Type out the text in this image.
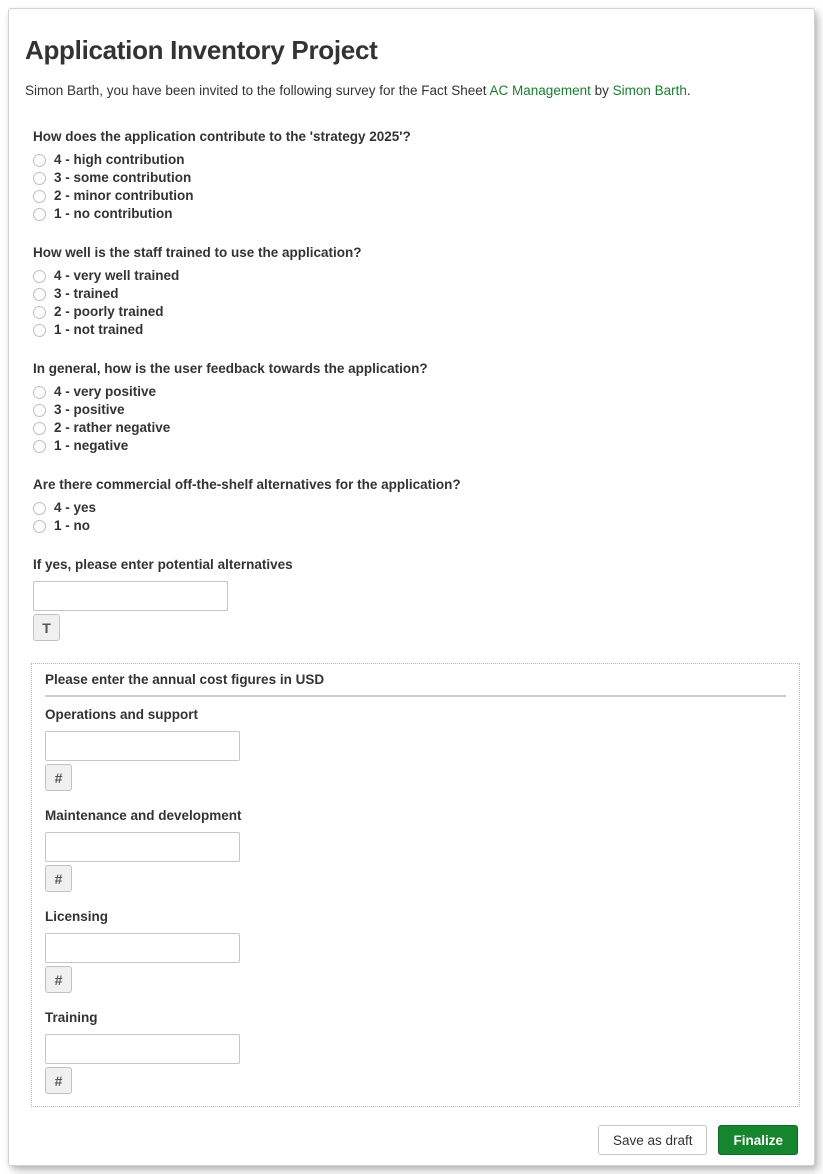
Application Inventory Project

Simon Barth, you have been invited to the following survey for the Fact Sheet AC Management by Simon Barth.

How does the application contribute to the 'strategy 2025'?
4 - high contribution
3 - some contribution
2 - minor contribution
1 - no contribution
How well is the staff trained to use the application?
4 - very well trained
3 - trained
2 - poorly trained
1 - not trained
In general, how is the user feedback towards the application?
4 - very positive
3 - positive
2 - rather negative
1 - negative
Are there commercial off-the-shelf alternatives for the application?
4 - yes
1 - no
If yes, please enter potential alternatives
T
Please enter the annual cost figures in USD
Operations and support
#
Maintenance and development
#
Licensing
#
Training
#
Save as draft	Finalize
